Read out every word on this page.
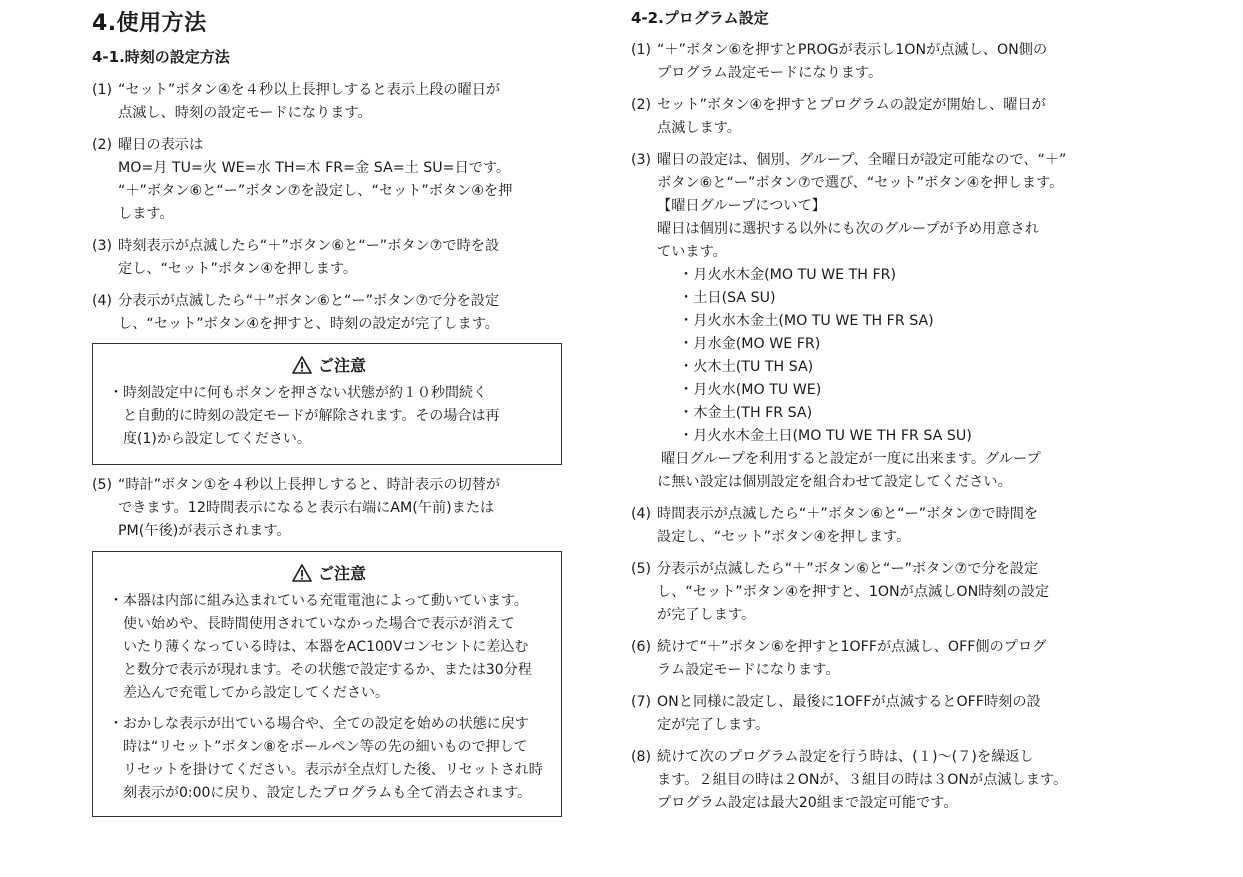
4.使用方法
4-1.時刻の設定方法
(1) “セット”ボタン④を４秒以上長押しすると表示上段の曜日が

点滅し、時刻の設定モードになります。

(2) 曜日の表示は

MO=月 TU=火 WE=水 TH=木 FR=金 SA=土 SU=日です。

“＋”ボタン⑥と“ー”ボタン⑦を設定し、“セット”ボタン④を押

します。

(3) 時刻表示が点滅したら“＋”ボタン⑥と“ー”ボタン⑦で時を設

定し、“セット”ボタン④を押します。

(4) 分表示が点滅したら“＋”ボタン⑥と“ー”ボタン⑦で分を設定

し、“セット”ボタン④を押すと、時刻の設定が完了します。

ご注意
・ 時刻設定中に何もボタンを押さない状態が約１０秒間続く

と自動的に時刻の設定モードが解除されます。その場合は再

度(1)から設定してください。

(5) “時計”ボタン①を４秒以上長押しすると、時計表示の切替が

できます。12時間表示になると表示右端にAM(午前)または

PM(午後)が表示されます。

ご注意
・ 本器は内部に組み込まれている充電電池によって動いています。

使い始めや、長時間使用されていなかった場合で表示が消えて

いたり薄くなっている時は、本器をAC100Vコンセントに差込む

と数分で表示が現れます。その状態で設定するか、または30分程

差込んで充電してから設定してください。

・ おかしな表示が出ている場合や、全ての設定を始めの状態に戻す

時は“リセット”ボタン⑧をボールペン等の先の細いもので押して

リセットを掛けてください。表示が全点灯した後、リセットされ時

刻表示が0:00に戻り、設定したプログラムも全て消去されます。

4-2.プログラム設定
(1) “＋”ボタン⑥を押すとPROGが表示し1ONが点滅し、ON側の

プログラム設定モードになります。

(2) セット”ボタン④を押すとプログラムの設定が開始し、曜日が

点滅します。

(3) 曜日の設定は、個別、グループ、全曜日が設定可能なので、“＋”

ボタン⑥と“ー”ボタン⑦で選び、“セット”ボタン④を押します。

【曜日グループについて】

曜日は個別に選択する以外にも次のグループが予め用意され

ています。

・月火水木金(MO TU WE TH FR)
・土日(SA SU)
・月火水木金土(MO TU WE TH FR SA)
・月水金(MO WE FR)
・火木土(TU TH SA)
・月火水(MO TU WE)
・木金土(TH FR SA)
・月火水木金土日(MO TU WE TH FR SA SU)

曜日グループを利用すると設定が一度に出来ます。グループ

に無い設定は個別設定を組合わせて設定してください。

(4) 時間表示が点滅したら“＋”ボタン⑥と“ー”ボタン⑦で時間を

設定し、“セット”ボタン④を押します。

(5) 分表示が点滅したら“＋”ボタン⑥と“ー”ボタン⑦で分を設定

し、“セット”ボタン④を押すと、1ONが点滅しON時刻の設定

が完了します。

(6) 続けて“＋”ボタン⑥を押すと1OFFが点滅し、OFF側のプログ

ラム設定モードになります。

(7) ONと同様に設定し、最後に1OFFが点滅するとOFF時刻の設

定が完了します。

(8) 続けて次のプログラム設定を行う時は、(１)〜(７)を繰返し

ます。２組目の時は２ONが、３組目の時は３ONが点滅します。

プログラム設定は最大20組まで設定可能です。
